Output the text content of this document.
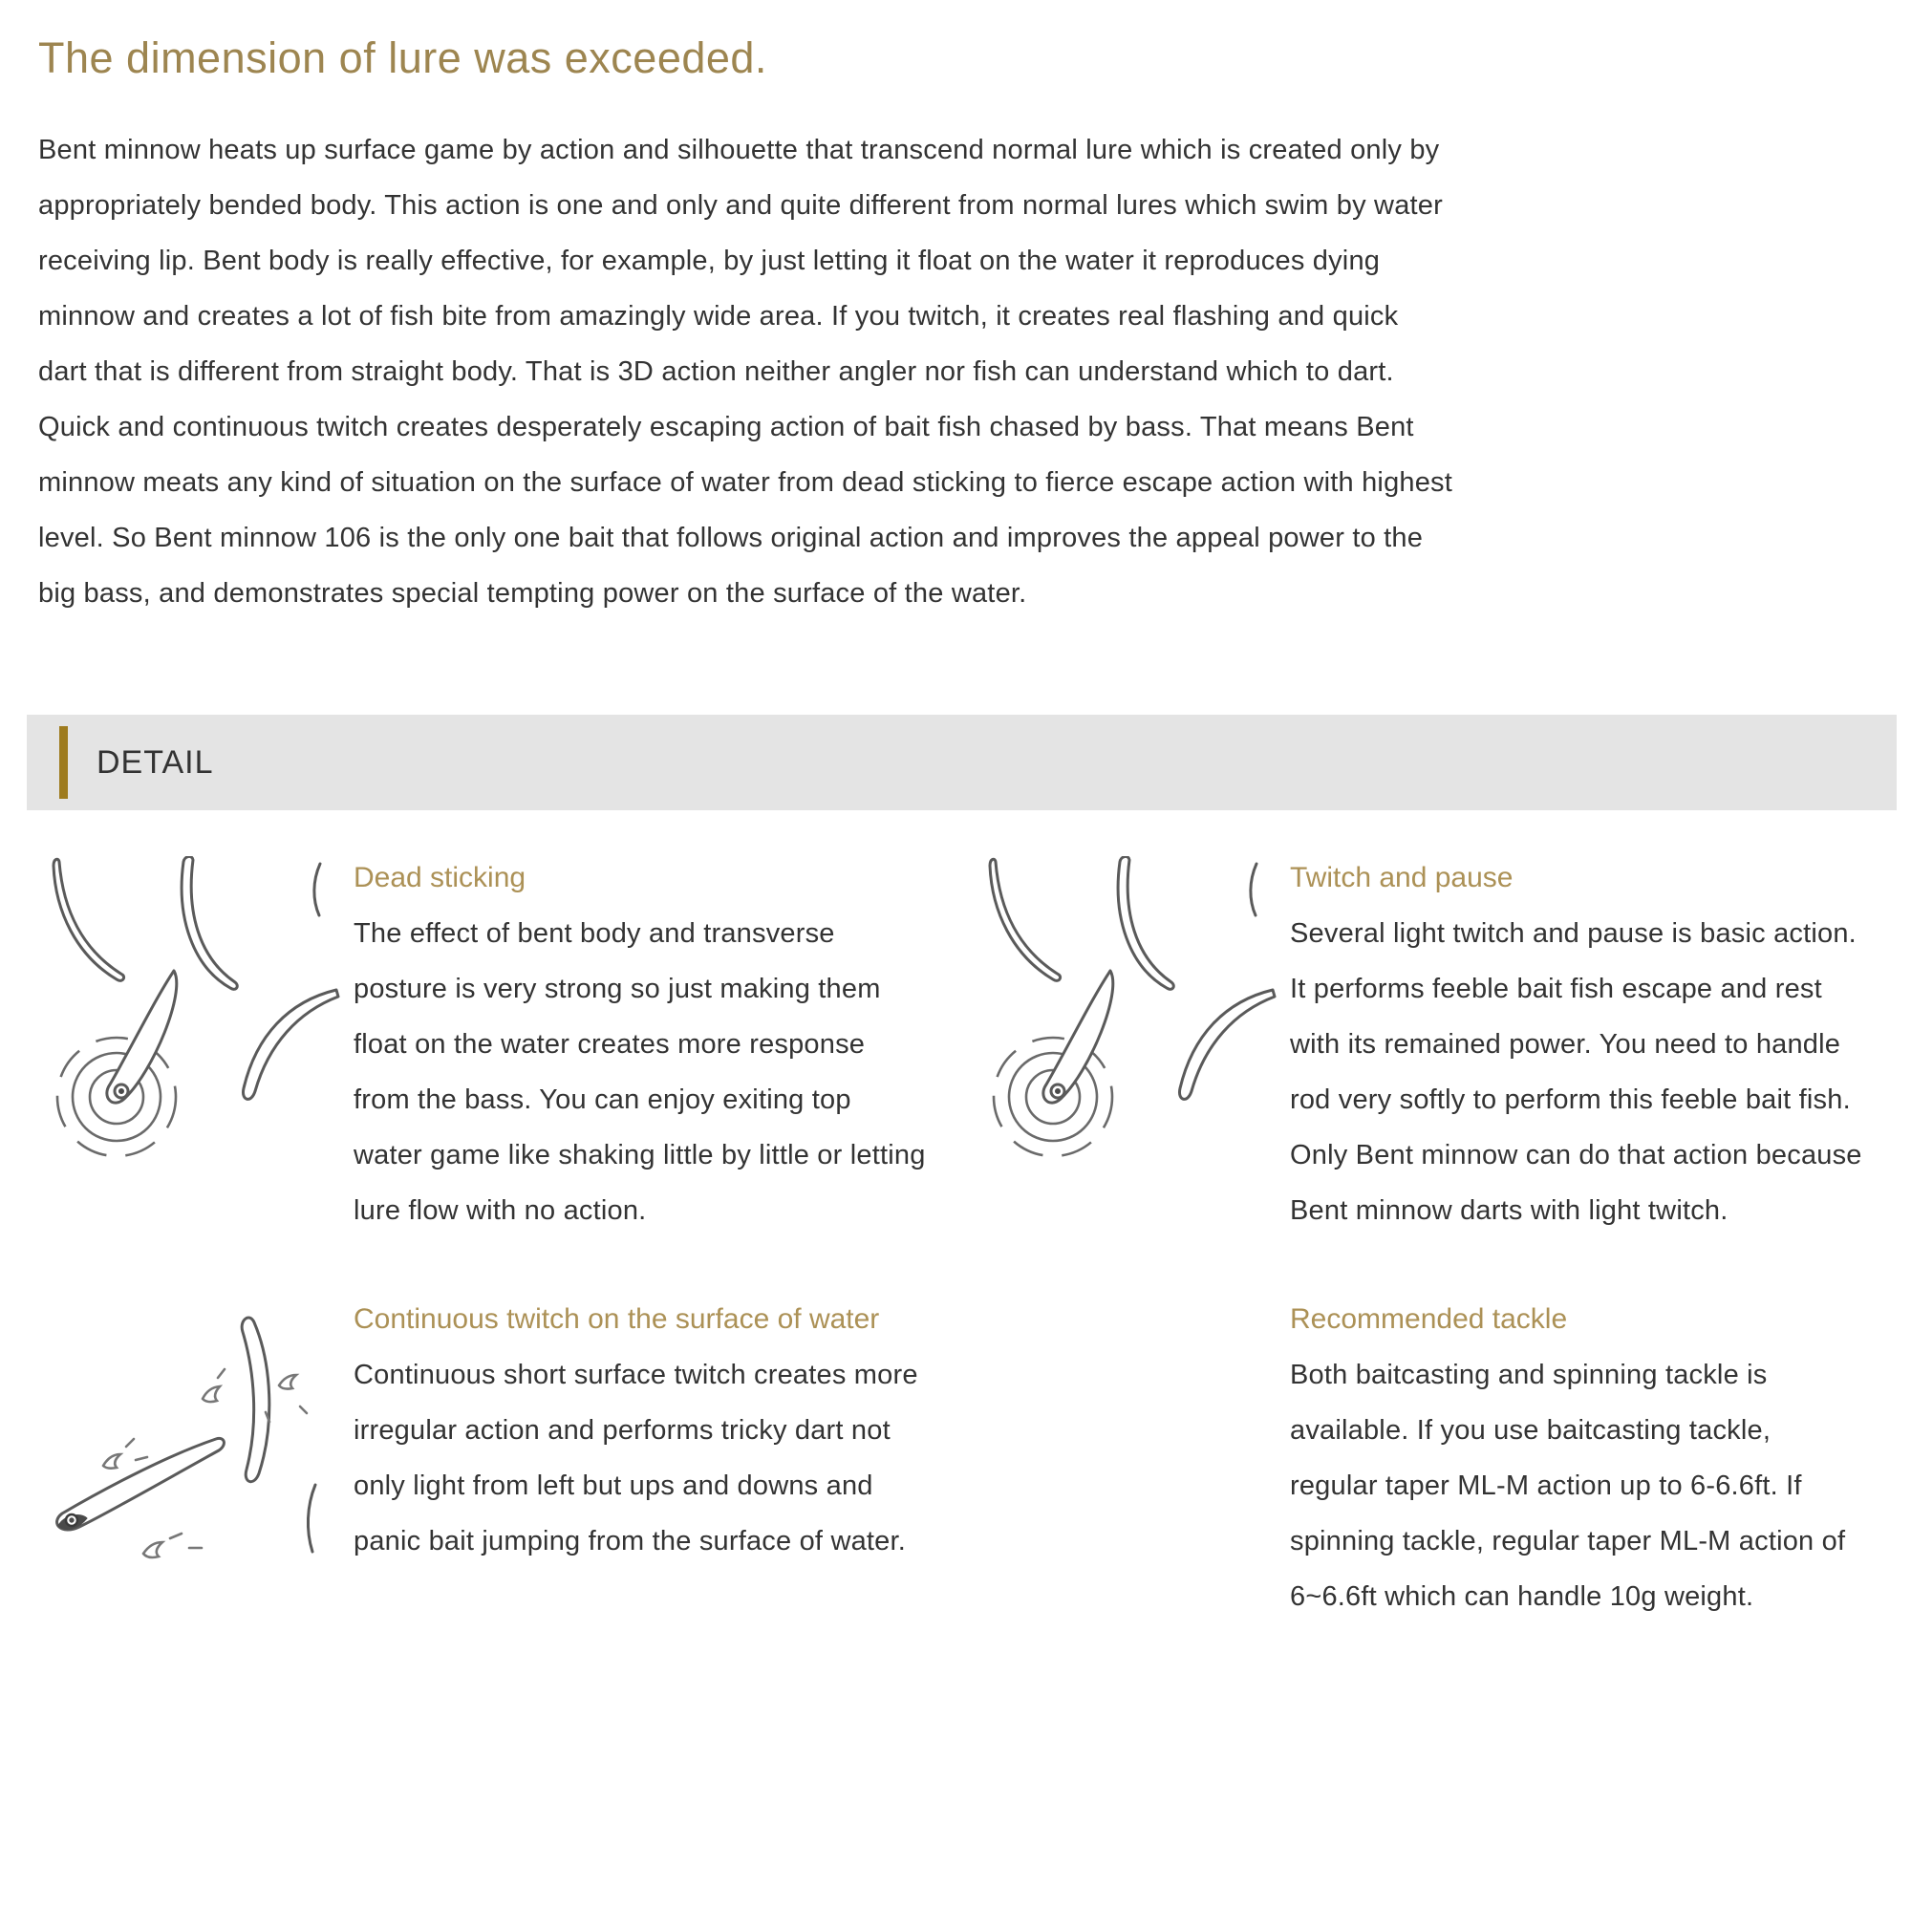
The dimension of lure was exceeded.

Bent minnow heats up surface game by action and silhouette that transcend normal lure which is created only by appropriately bended body. This action is one and only and quite different from normal lures which swim by water receiving lip. Bent body is really effective, for example, by just letting it float on the water it reproduces dying minnow and creates a lot of fish bite from amazingly wide area. If you twitch, it creates real flashing and quick dart that is different from straight body. That is 3D action neither angler nor fish can understand which to dart. Quick and continuous twitch creates desperately escaping action of bait fish chased by bass. That means Bent minnow meats any kind of situation on the surface of water from dead sticking to fierce escape action with highest level. So Bent minnow 106 is the only one bait that follows original action and improves the appeal power to the big bass, and demonstrates special tempting power on the surface of the water.

DETAIL
Dead sticking

The effect of bent body and transverse posture is very strong so just making them float on the water creates more response from the bass. You can enjoy exiting top water game like shaking little by little or letting lure flow with no action.

Twitch and pause

Several light twitch and pause is basic action. It performs feeble bait fish escape and rest with its remained power. You need to handle rod very softly to perform this feeble bait fish. Only Bent minnow can do that action because Bent minnow darts with light twitch.

Continuous twitch on the surface of water

Continuous short surface twitch creates more irregular action and performs tricky dart not only light from left but ups and downs and panic bait jumping from the surface of water.

Recommended tackle

Both baitcasting and spinning tackle is available. If you use baitcasting tackle, regular taper ML-M action up to 6-6.6ft. If spinning tackle, regular taper ML-M action of 6~6.6ft which can handle 10g weight.
